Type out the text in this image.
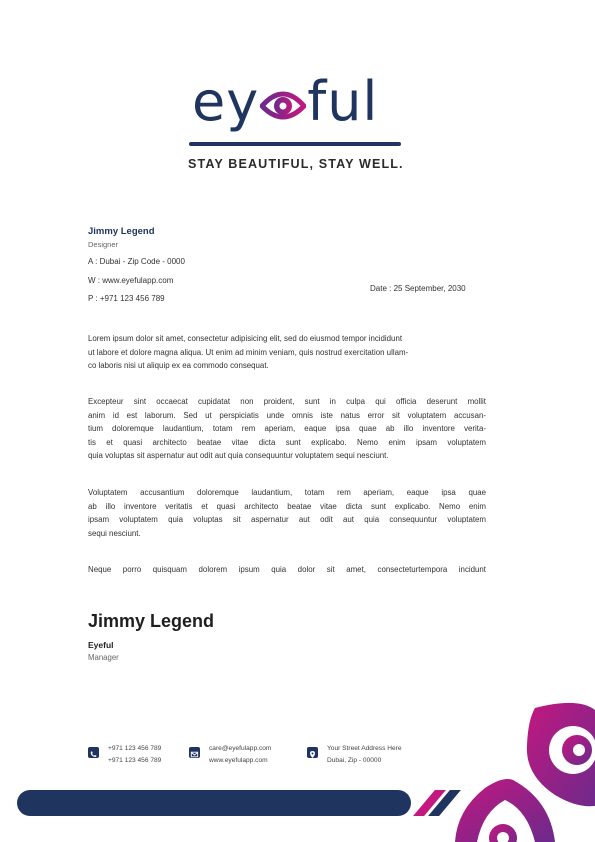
ey ful
STAY BEAUTIFUL, STAY WELL.
Jimmy Legend
Designer
A : Dubai - Zip Code - 0000
W : www.eyefulapp.com
P : +971 123 456 789
Date : 25 September, 2030
Lorem ipsum dolor sit amet, consectetur adipisicing elit, sed do eiusmod tempor incididunt
ut labore et dolore magna aliqua. Ut enim ad minim veniam, quis nostrud exercitation ullam-
co laboris nisi ut aliquip ex ea commodo consequat.
Excepteur sint occaecat cupidatat non proident, sunt in culpa qui officia deserunt mollit
anim id est laborum. Sed ut perspiciatis unde omnis iste natus error sit voluptatem accusan-
tium doloremque laudantium, totam rem aperiam, eaque ipsa quae ab illo inventore verita-
tis et quasi architecto beatae vitae dicta sunt explicabo. Nemo enim ipsam voluptatem
quia voluptas sit aspernatur aut odit aut quia consequuntur voluptatem sequi nesciunt.
Voluptatem accusantium doloremque laudantium, totam rem aperiam, eaque ipsa quae
ab illo inventore veritatis et quasi architecto beatae vitae dicta sunt explicabo. Nemo enim
ipsam voluptatem quia voluptas sit aspernatur aut odit aut quia consequuntur voluptatem
sequi nesciunt.
Neque porro quisquam dolorem ipsum quia dolor sit amet, consecteturtempora incidunt
Jimmy Legend
Eyeful
Manager
+971 123 456 789
+971 123 456 789
care@eyefulapp.com
www.eyefulapp.com
Your Street Address Here
Dubai, Zip - 00000
